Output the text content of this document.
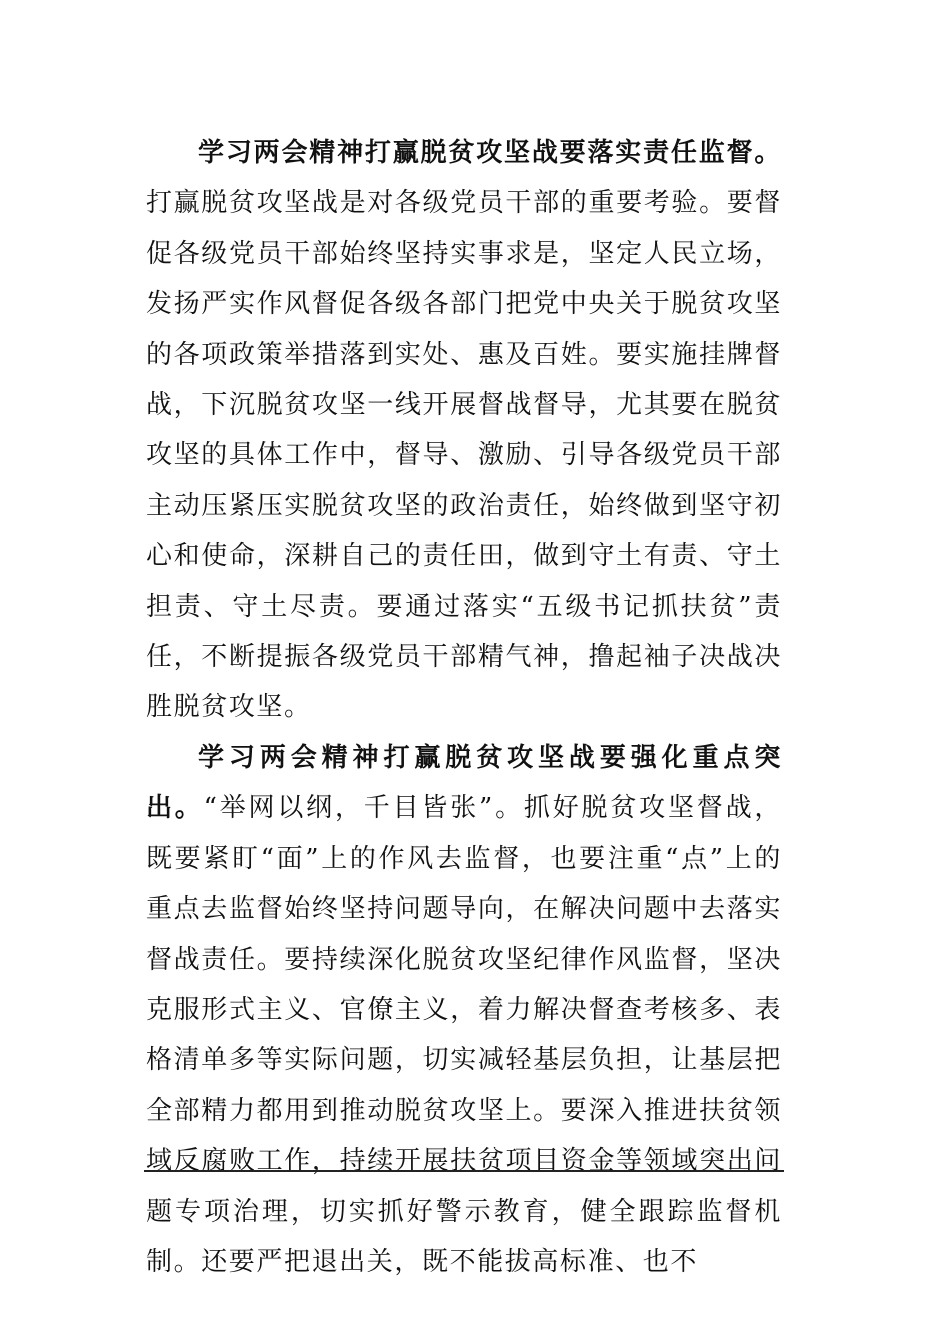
学习两会精神打赢脱贫攻坚战要落实责任监督。打赢脱贫攻坚战是对各级党员干部的重要考验。要督促各级党员干部始终坚持实事求是，坚定人民立场，发扬严实作风督促各级各部门把党中央关于脱贫攻坚的各项政策举措落到实处、惠及百姓。要实施挂牌督战，下沉脱贫攻坚一线开展督战督导，尤其要在脱贫攻坚的具体工作中，督导、激励、引导各级党员干部主动压紧压实脱贫攻坚的政治责任，始终做到坚守初心和使命，深耕自己的责任田，做到守土有责、守土担责、守土尽责。要通过落实“五级书记抓扶贫”责任，不断提振各级党员干部精气神，撸起袖子决战决胜脱贫攻坚。

学习两会精神打赢脱贫攻坚战要强化重点突出。“举网以纲，千目皆张”。抓好脱贫攻坚督战，既要紧盯“面”上的作风去监督，也要注重“点”上的重点去监督始终坚持问题导向，在解决问题中去落实督战责任。要持续深化脱贫攻坚纪律作风监督，坚决克服形式主义、官僚主义，着力解决督查考核多、表格清单多等实际问题，切实减轻基层负担，让基层把全部精力都用到推动脱贫攻坚上。要深入推进扶贫领域反腐败工作，持续开展扶贫项目资金等领域突出问题专项治理，切实抓好警示教育，健全跟踪监督机制。还要严把退出关，既不能拔高标准、也不
